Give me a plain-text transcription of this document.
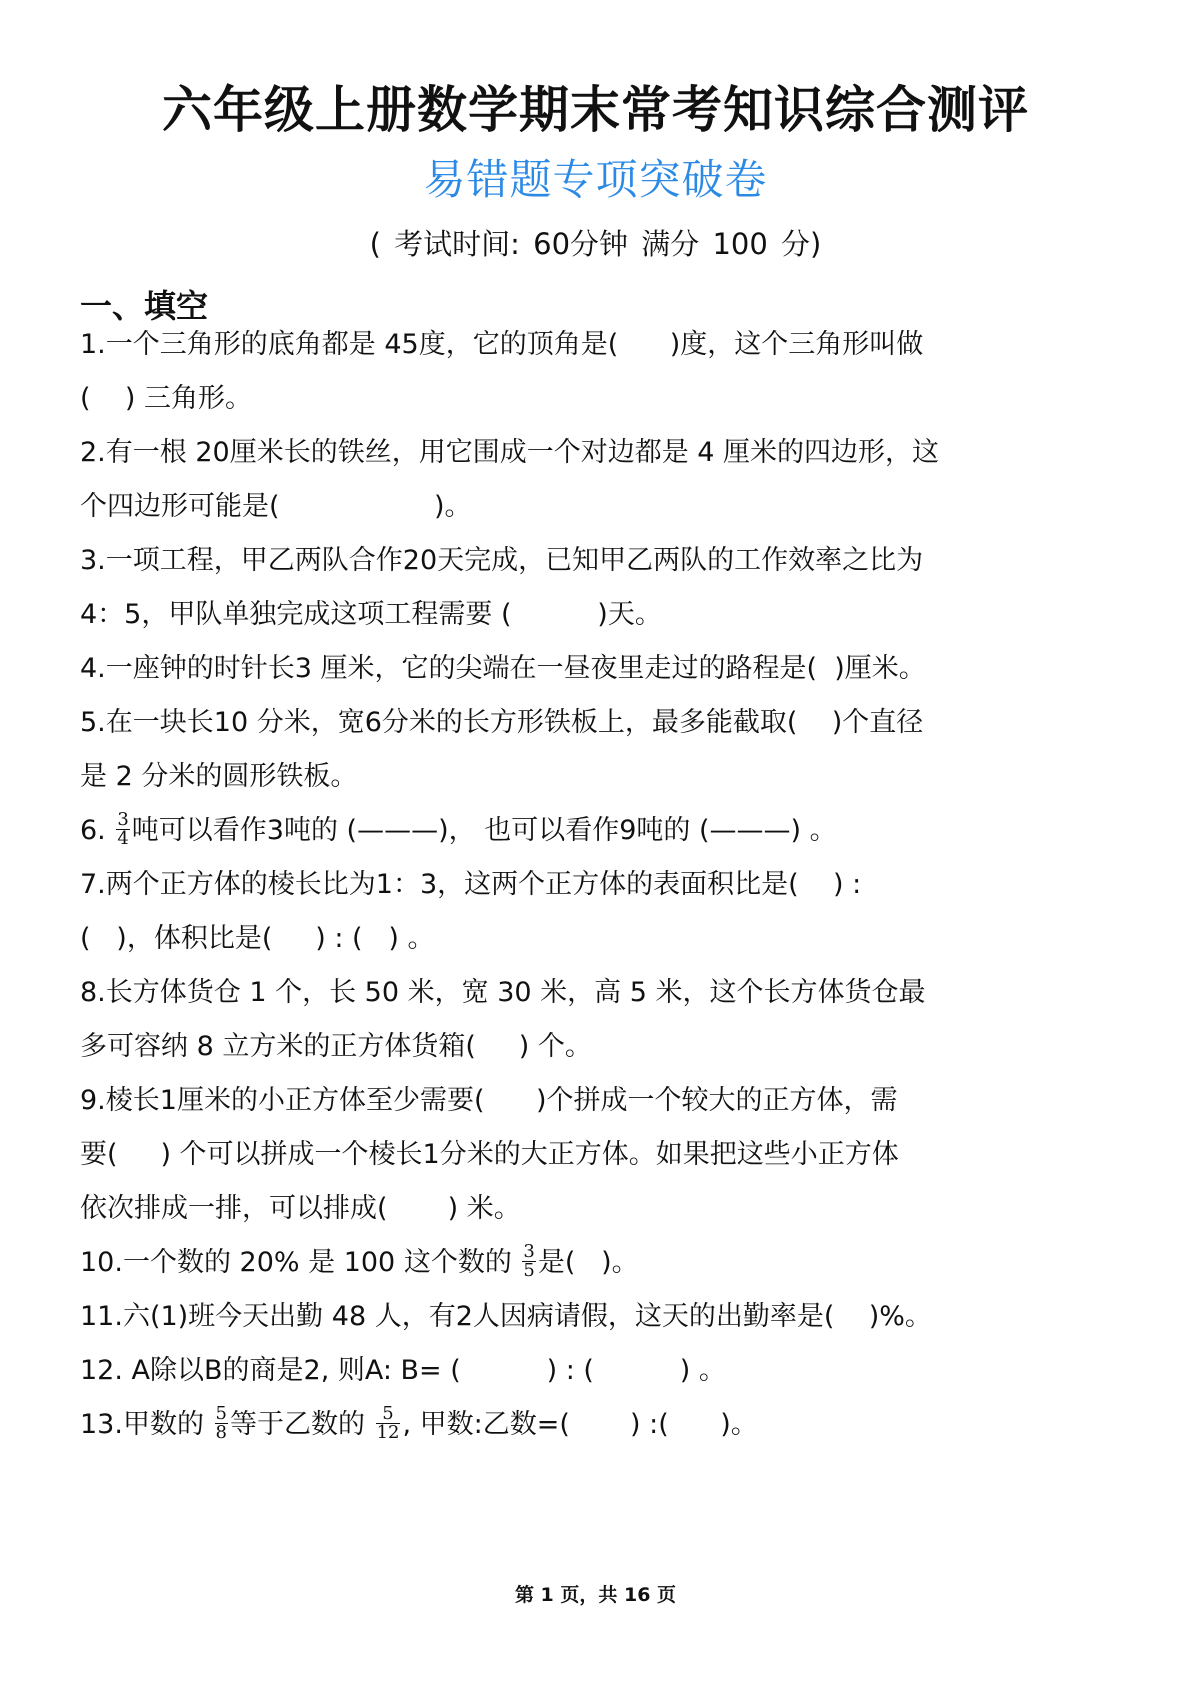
六年级上册数学期末常考知识综合测评
易错题专项突破卷
( 考试时间: 60分钟 满分 100 分)
一、填空
1.一个三角形的底角都是 45度，它的顶角是(      )度，这个三角形叫做
(    ) 三角形。
2.有一根 20厘米长的铁丝，用它围成一个对边都是 4 厘米的四边形，这
个四边形可能是(                  )。
3.一项工程，甲乙两队合作20天完成，已知甲乙两队的工作效率之比为
4：5，甲队单独完成这项工程需要 (          )天。
4.一座钟的时针长3 厘米，它的尖端在一昼夜里走过的路程是(  )厘米。
5.在一块长10 分米，宽6分米的长方形铁板上，最多能截取(    )个直径
是 2 分米的圆形铁板。
6. $\frac{3}{4}$ 吨可以看作3吨的 (———)， 也可以看作9吨的 (———) 。
7.两个正方体的棱长比为1：3，这两个正方体的表面积比是(    ) :
(   )，体积比是(     ) : (   ) 。
8.长方体货仓 1 个，长 50 米，宽 30 米，高 5 米，这个长方体货仓最
多可容纳 8 立方米的正方体货箱(     ) 个。
9.棱长1厘米的小正方体至少需要(      )个拼成一个较大的正方体，需
要(     ) 个可以拼成一个棱长1分米的大正方体。如果把这些小正方体
依次排成一排，可以排成(       ) 米。
10.一个数的 20% 是 100 这个数的 $\frac{3}{5}$ 是(   )。
11.六(1)班今天出勤 48 人，有2人因病请假，这天的出勤率是(    )%。
12. A除以B的商是2, 则A: B= (          ) : (          ) 。
13.甲数的 $\frac{5}{8}$ 等于乙数的 $\frac{5}{12}$ , 甲数:乙数=(       ) :(      )。
第 1 页，共 16 页
